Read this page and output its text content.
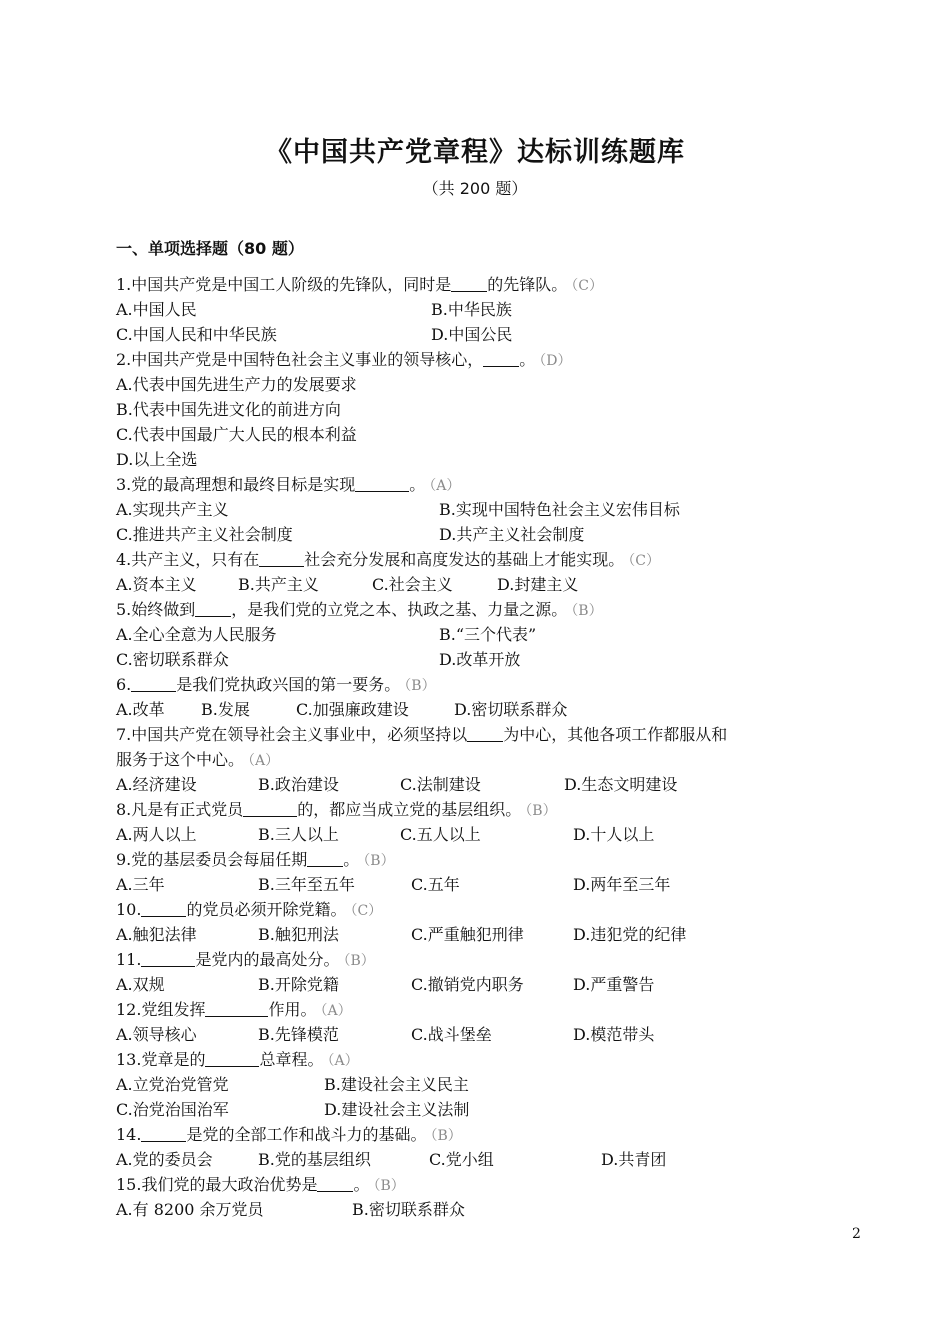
《中国共产党章程》达标训练题库
（共 200 题）
一、单项选择题（80 题）
1.中国共产党是中国工人阶级的先锋队，同时是 的先锋队。 （C）
A.中国人民	B.中华民族
C.中国人民和中华民族	D.中国公民
2.中国共产党是中国特色社会主义事业的领导核心， 。 （D）
A.代表中国先进生产力的发展要求
B.代表中国先进文化的前进方向
C.代表中国最广大人民的根本利益
D.以上全选
3.党的最高理想和最终目标是实现	。 （A）
A.实现共产主义	B.实现中国特色社会主义宏伟目标
C.推进共产主义社会制度	D.共产主义社会制度
4.共产主义，只有在	社会充分发展和高度发达的基础上才能实现。 （C）
A.资本主义	B.共产主义	C.社会主义	D.封建主义
5.始终做到 ，是我们党的立党之本、执政之基、力量之源。 （B）
A.全心全意为人民服务	B.“三个代表”
C.密切联系群众	D.改革开放
6.	是我们党执政兴国的第一要务。 （B）
A.改革 B.发展	C.加强廉政建设	D.密切联系群众
7.中国共产党在领导社会主义事业中，必须坚持以 为中心，其他各项工作都服从和
服务于这个中心。 （A）
A.经济建设	B.政治建设	C.法制建设	D.生态文明建设
8.凡是有正式党员	的，都应当成立党的基层组织。 （B）
A.两人以上	B.三人以上	C.五人以上	D.十人以上
9.党的基层委员会每届任期 。 （B）
A.三年	B.三年至五年	C.五年	D.两年至三年
10.	的党员必须开除党籍。 （C）
A.触犯法律	B.触犯刑法	C.严重触犯刑律	D.违犯党的纪律
11.	是党内的最高处分。 （B）
A.双规	B.开除党籍	C.撤销党内职务	D.严重警告
12.党组发挥	作用。 （A）
A.领导核心	B.先锋模范	C.战斗堡垒	D.模范带头
13.党章是的	总章程。 （A）
A.立党治党管党	B.建设社会主义民主
C.治党治国治军	D.建设社会主义法制
14.	是党的全部工作和战斗力的基础。 （B）
A.党的委员会	B.党的基层组织	C.党小组	D.共青团
15.我们党的最大政治优势是 。 （B）
A.有 8200 余万党员	B.密切联系群众
2
